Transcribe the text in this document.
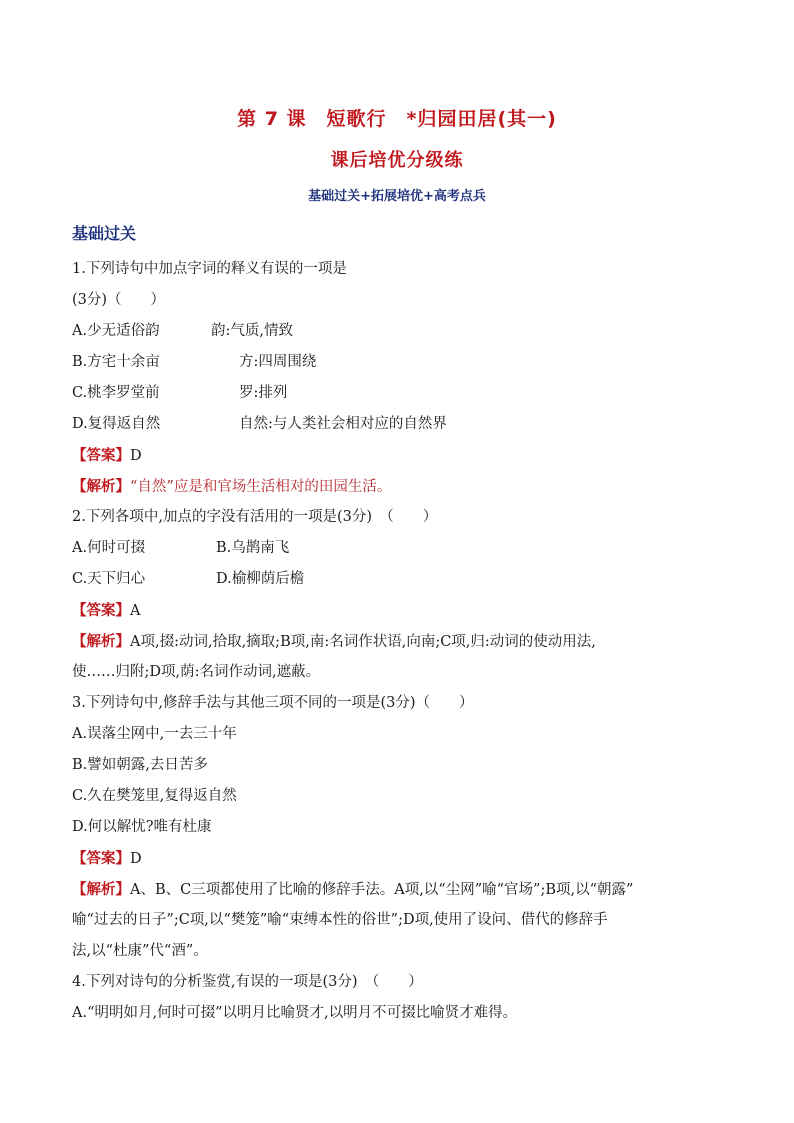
第 7 课　短歌行　*归园田居(其一)
课后培优分级练
基础过关+拓展培优+高考点兵
基础过关
1.下列诗句中加点字词的释义有误的一项是
(3分)（　　）
A.少无适俗韵	韵:气质,情致
B.方宅十余亩	方:四周围绕
C.桃李罗堂前	罗:排列
D.复得返自然	自然:与人类社会相对应的自然界
【答案】D
【解析】“自然”应是和官场生活相对的田园生活。
2.下列各项中,加点的字没有活用的一项是(3分)　（　　）
A.何时可掇	B.乌鹊南飞
C.天下归心	D.榆柳荫后檐
【答案】A
【解析】A项,掇:动词,拾取,摘取;B项,南:名词作状语,向南;C项,归:动词的使动用法,
使……归附;D项,荫:名词作动词,遮蔽。
3.下列诗句中,修辞手法与其他三项不同的一项是(3分)（　　）
A.误落尘网中,一去三十年
B.譬如朝露,去日苦多
C.久在樊笼里,复得返自然
D.何以解忧?唯有杜康
【答案】D
【解析】A、B、C三项都使用了比喻的修辞手法。A项,以“尘网”喻“官场”;B项,以“朝露”
喻“过去的日子”;C项,以“樊笼”喻“束缚本性的俗世”;D项,使用了设问、借代的修辞手
法,以“杜康”代“酒”。
4.下列对诗句的分析鉴赏,有误的一项是(3分)　（　　）
A.“明明如月,何时可掇”以明月比喻贤才,以明月不可掇比喻贤才难得。
